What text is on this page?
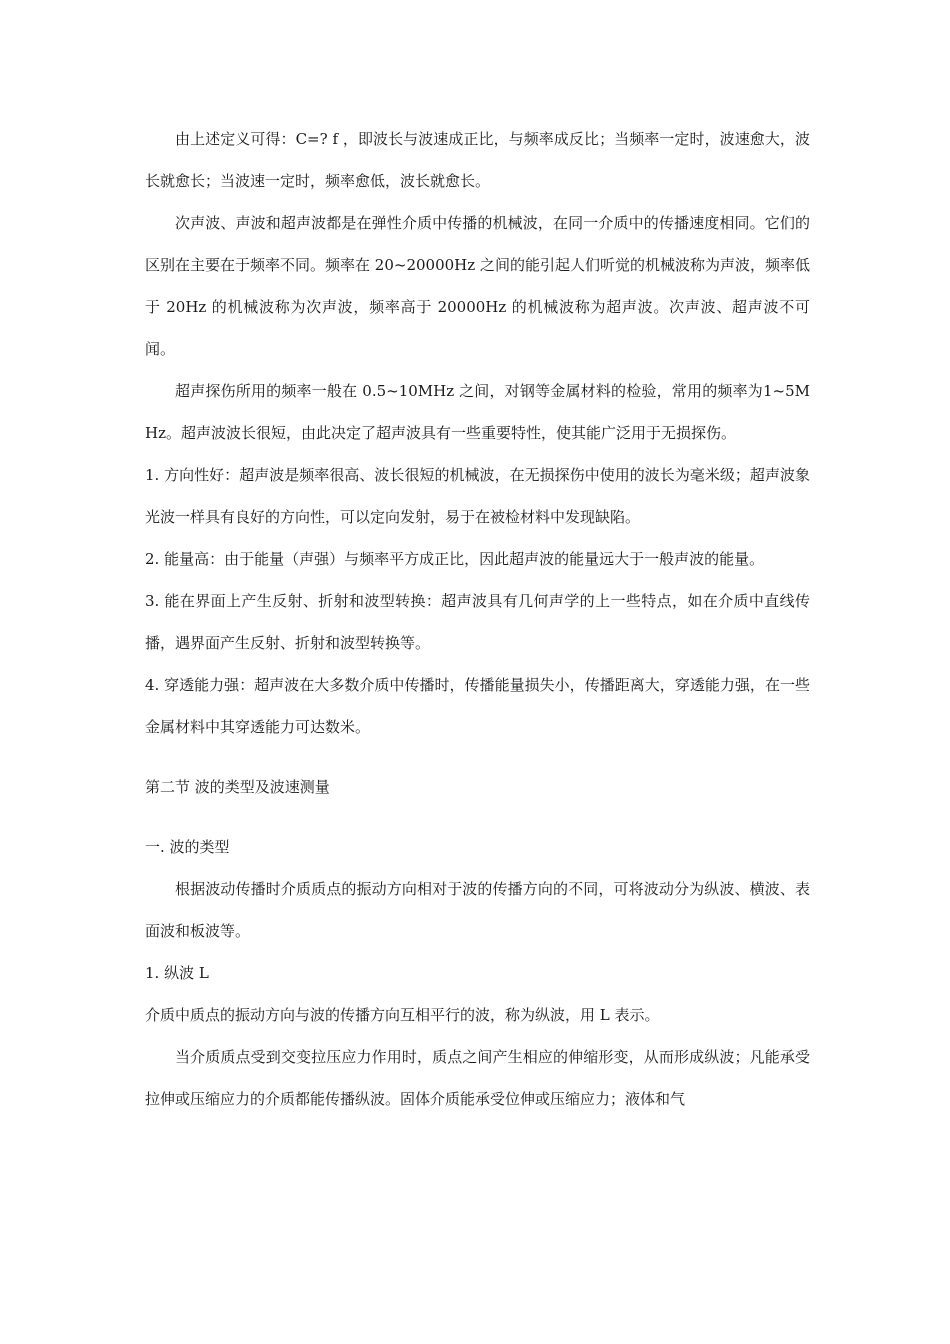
由上述定义可得：C=? f ，即波长与波速成正比，与频率成反比；当频率一定时，波速愈大，波长就愈长；当波速一定时，频率愈低，波长就愈长。

次声波、声波和超声波都是在弹性介质中传播的机械波，在同一介质中的传播速度相同。它们的区别在主要在于频率不同。频率在 20~20000Hz 之间的能引起人们听觉的机械波称为声波，频率低于 20Hz 的机械波称为次声波，频率高于 20000Hz 的机械波称为超声波。次声波、超声波不可闻。

超声探伤所用的频率一般在 0.5~10MHz 之间，对钢等金属材料的检验，常用的频率为1~5MHz。超声波波长很短，由此决定了超声波具有一些重要特性，使其能广泛用于无损探伤。

1. 方向性好：超声波是频率很高、波长很短的机械波，在无损探伤中使用的波长为毫米级；超声波象光波一样具有良好的方向性，可以定向发射，易于在被检材料中发现缺陷。

2. 能量高：由于能量（声强）与频率平方成正比，因此超声波的能量远大于一般声波的能量。

3. 能在界面上产生反射、折射和波型转换：超声波具有几何声学的上一些特点，如在介质中直线传播，遇界面产生反射、折射和波型转换等。

4. 穿透能力强：超声波在大多数介质中传播时，传播能量损失小，传播距离大，穿透能力强，在一些金属材料中其穿透能力可达数米。

第二节 波的类型及波速测量

一. 波的类型

根据波动传播时介质质点的振动方向相对于波的传播方向的不同，可将波动分为纵波、横波、表面波和板波等。

1. 纵波 L

介质中质点的振动方向与波的传播方向互相平行的波，称为纵波，用 L 表示。

当介质质点受到交变拉压应力作用时，质点之间产生相应的伸缩形变，从而形成纵波；凡能承受拉伸或压缩应力的介质都能传播纵波。固体介质能承受位伸或压缩应力；液体和气
